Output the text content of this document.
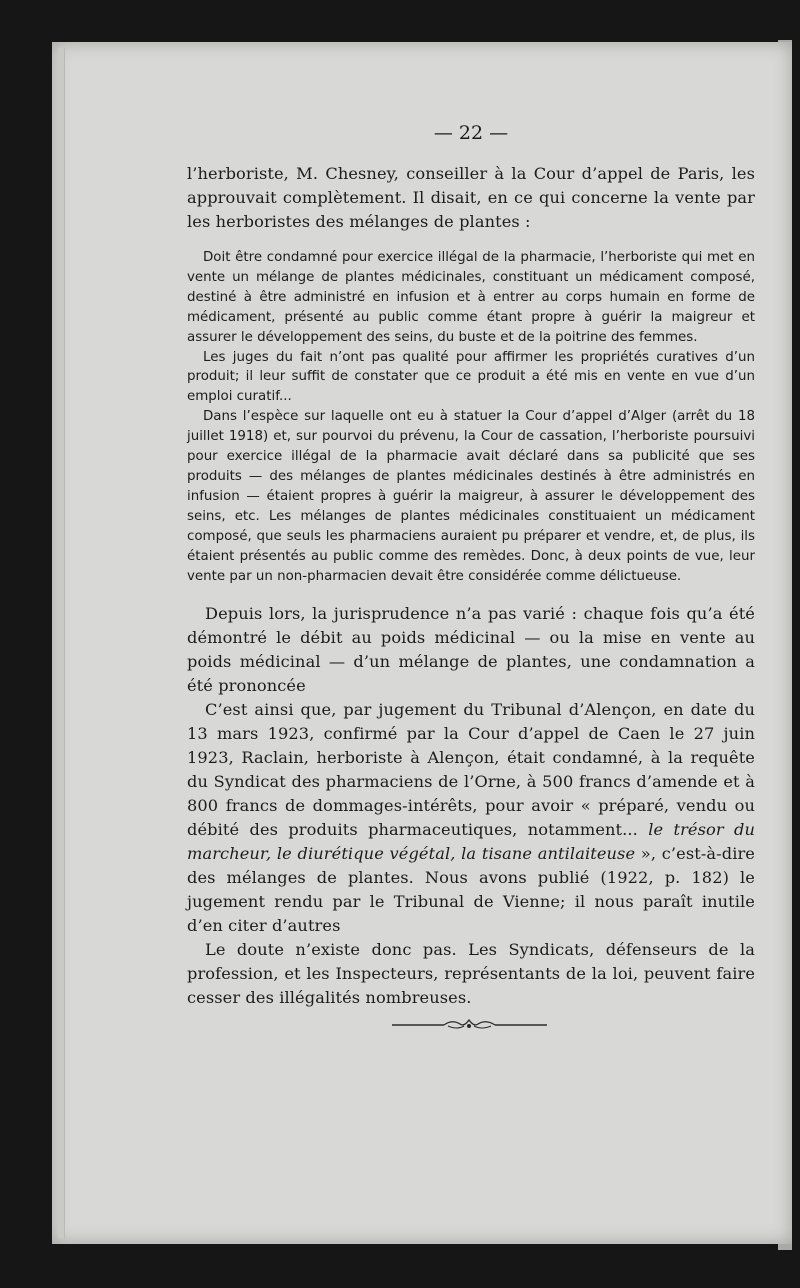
— 22 —

l’herboriste, M. Chesney, conseiller à la Cour d’appel de Paris, les approuvait complètement. Il disait, en ce qui concerne la vente par les herboristes des mélanges de plantes :

Doit être condamné pour exercice illégal de la pharmacie, l’herboriste qui met en vente un mélange de plantes médicinales, constituant un médicament composé, destiné à être administré en infusion et à entrer au corps humain en forme de médicament, présenté au public comme étant propre à guérir la maigreur et assurer le développement des seins, du buste et de la poitrine des femmes.

Les juges du fait n’ont pas qualité pour affirmer les propriétés curatives d’un produit; il leur suffit de constater que ce produit a été mis en vente en vue d’un emploi curatif...

Dans l’espèce sur laquelle ont eu à statuer la Cour d’appel d’Alger (arrêt du 18 juillet 1918) et, sur pourvoi du prévenu, la Cour de cassation, l’herboriste poursuivi pour exercice illégal de la pharmacie avait déclaré dans sa publicité que ses produits — des mélanges de plantes médicinales destinés à être administrés en infusion — étaient propres à guérir la maigreur, à assurer le développement des seins, etc. Les mélanges de plantes médicinales constituaient un médicament composé, que seuls les pharmaciens auraient pu préparer et vendre, et, de plus, ils étaient présentés au public comme des remèdes. Donc, à deux points de vue, leur vente par un non-pharmacien devait être considérée comme délictueuse.

Depuis lors, la jurisprudence n’a pas varié : chaque fois qu’a été démontré le débit au poids médicinal — ou la mise en vente au poids médicinal — d’un mélange de plantes, une condamnation a été prononcée

C’est ainsi que, par jugement du Tribunal d’Alençon, en date du 13 mars 1923, confirmé par la Cour d’appel de Caen le 27 juin 1923, Raclain, herboriste à Alençon, était condamné, à la requête du Syndicat des pharmaciens de l’Orne, à 500 francs d’amende et à 800 francs de dommages-intérêts, pour avoir « préparé, vendu ou débité des produits pharmaceutiques, notamment... le trésor du marcheur, le diurétique végétal, la tisane antilaiteuse », c’est-à-dire des mélanges de plantes. Nous avons publié (1922, p. 182) le jugement rendu par le Tribunal de Vienne; il nous paraît inutile d’en citer d’autres

Le doute n’existe donc pas. Les Syndicats, défenseurs de la profession, et les Inspecteurs, représentants de la loi, peuvent faire cesser des illégalités nombreuses.
